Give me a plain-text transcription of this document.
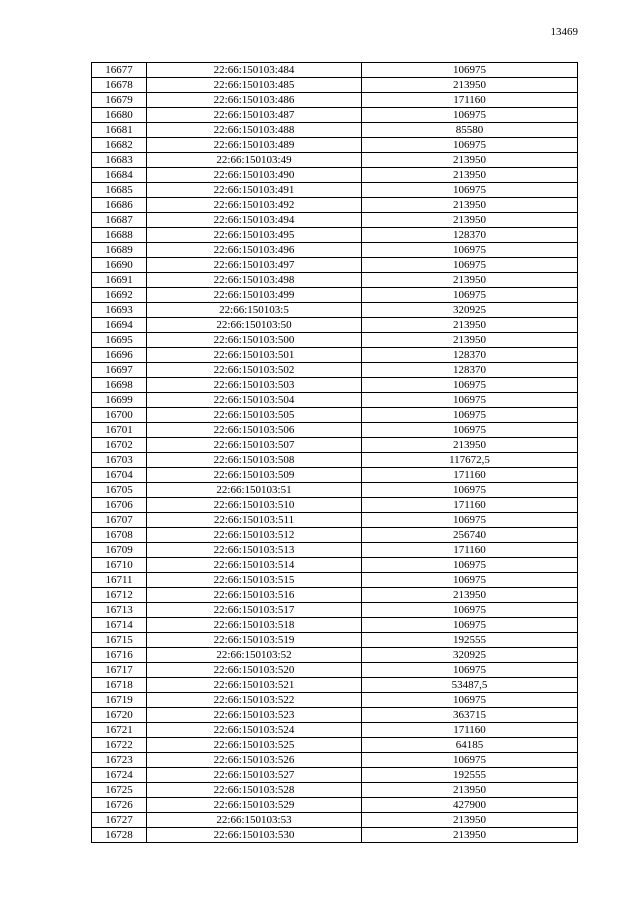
13469
16677	22:66:150103:484	106975
16678	22:66:150103:485	213950
16679	22:66:150103:486	171160
16680	22:66:150103:487	106975
16681	22:66:150103:488	85580
16682	22:66:150103:489	106975
16683	22:66:150103:49	213950
16684	22:66:150103:490	213950
16685	22:66:150103:491	106975
16686	22:66:150103:492	213950
16687	22:66:150103:494	213950
16688	22:66:150103:495	128370
16689	22:66:150103:496	106975
16690	22:66:150103:497	106975
16691	22:66:150103:498	213950
16692	22:66:150103:499	106975
16693	22:66:150103:5	320925
16694	22:66:150103:50	213950
16695	22:66:150103:500	213950
16696	22:66:150103:501	128370
16697	22:66:150103:502	128370
16698	22:66:150103:503	106975
16699	22:66:150103:504	106975
16700	22:66:150103:505	106975
16701	22:66:150103:506	106975
16702	22:66:150103:507	213950
16703	22:66:150103:508	117672,5
16704	22:66:150103:509	171160
16705	22:66:150103:51	106975
16706	22:66:150103:510	171160
16707	22:66:150103:511	106975
16708	22:66:150103:512	256740
16709	22:66:150103:513	171160
16710	22:66:150103:514	106975
16711	22:66:150103:515	106975
16712	22:66:150103:516	213950
16713	22:66:150103:517	106975
16714	22:66:150103:518	106975
16715	22:66:150103:519	192555
16716	22:66:150103:52	320925
16717	22:66:150103:520	106975
16718	22:66:150103:521	53487,5
16719	22:66:150103:522	106975
16720	22:66:150103:523	363715
16721	22:66:150103:524	171160
16722	22:66:150103:525	64185
16723	22:66:150103:526	106975
16724	22:66:150103:527	192555
16725	22:66:150103:528	213950
16726	22:66:150103:529	427900
16727	22:66:150103:53	213950
16728	22:66:150103:530	213950
